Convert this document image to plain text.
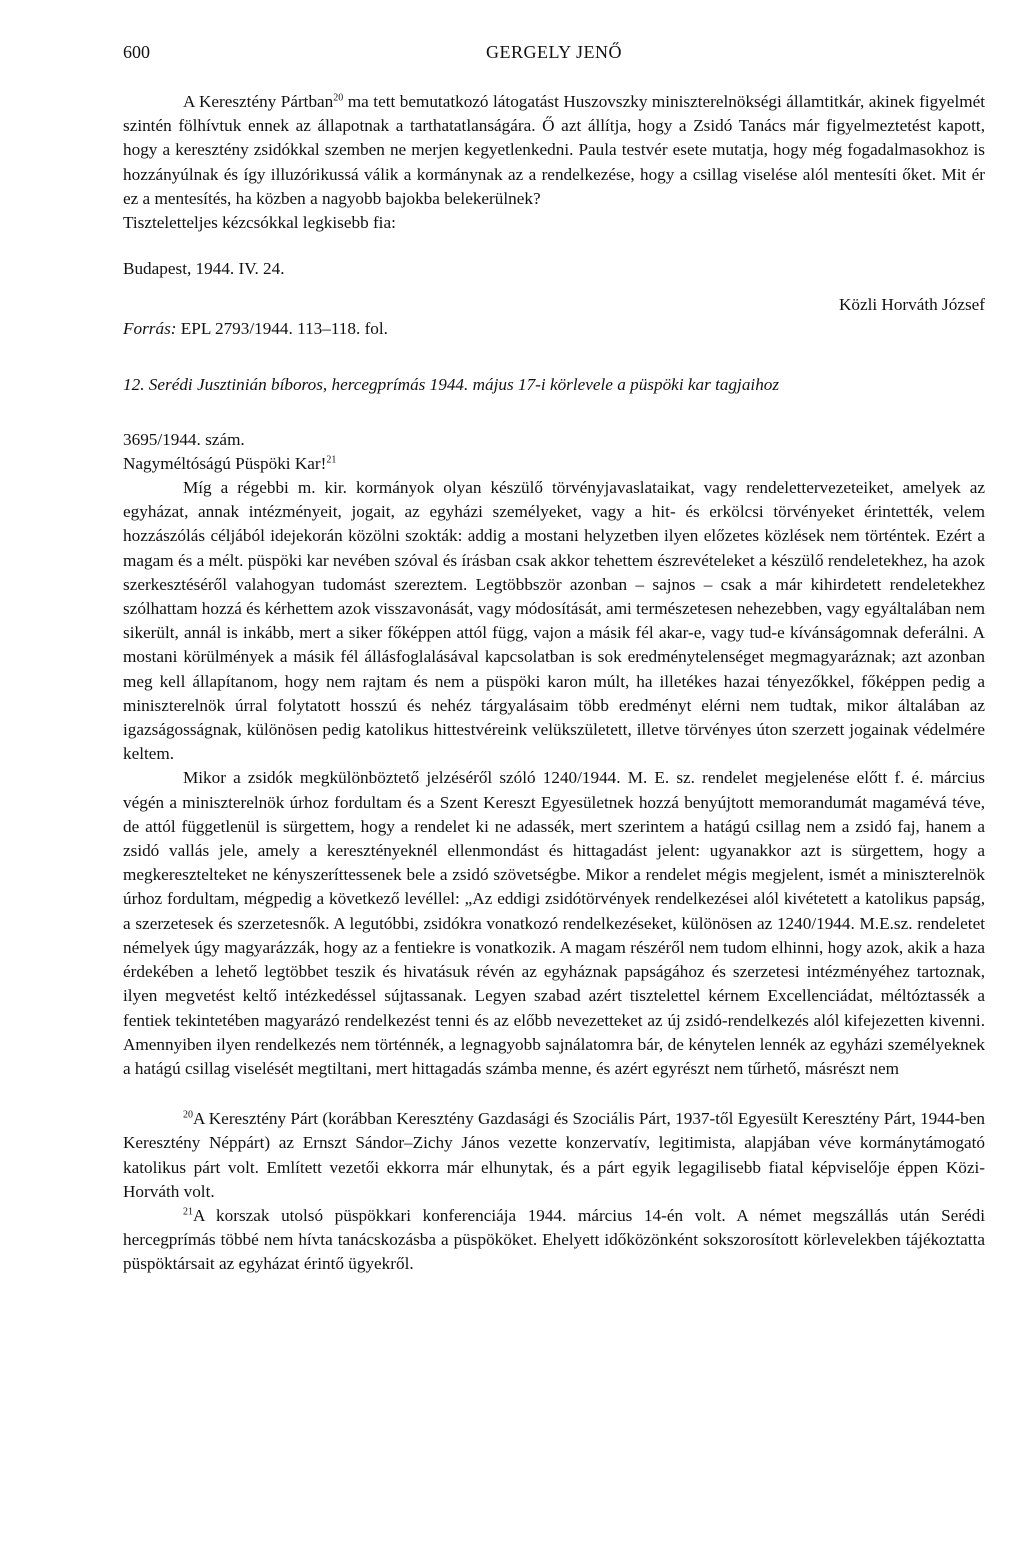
600	GERGELY JENŐ

A Keresztény Pártban$^{20}$ ma tett bemutatkozó látogatást Huszovszky miniszterelnökségi államtitkár, akinek figyelmét szintén fölhívtuk ennek az állapotnak a tarthatatlanságára. Ő azt állítja, hogy a Zsidó Tanács már figyelmeztetést kapott, hogy a keresztény zsidókkal szemben ne merjen kegyetlenkedni. Paula testvér esete mutatja, hogy még fogadalmasokhoz is hozzányúlnak és így illuzórikussá válik a kormánynak az a rendelkezése, hogy a csillag viselése alól mentesíti őket. Mit ér ez a mentesítés, ha közben a nagyobb bajokba belekerülnek?

Tiszteletteljes kézcsókkal legkisebb fia:

Budapest, 1944. IV. 24.

Közli Horváth József
Forrás: EPL 2793/1944. 113–118. fol.

12. Serédi Jusztinián bíboros, hercegprímás 1944. május 17-i körlevele a püspöki kar tagjaihoz

3695/1944. szám.

Nagyméltóságú Püspöki Kar!$^{21}$

Míg a régebbi m. kir. kormányok olyan készülő törvényjavaslataikat, vagy rendelettervezeteiket, amelyek az egyházat, annak intézményeit, jogait, az egyházi személyeket, vagy a hit- és erkölcsi törvényeket érintették, velem hozzászólás céljából idejekorán közölni szokták: addig a mostani helyzetben ilyen előzetes közlések nem történtek. Ezért a magam és a mélt. püspöki kar nevében szóval és írásban csak akkor tehettem észrevételeket a készülő rendeletekhez, ha azok szerkesztéséről valahogyan tudomást szereztem. Legtöbbször azonban – sajnos – csak a már kihirdetett rendeletekhez szólhattam hozzá és kérhettem azok visszavonását, vagy módosítását, ami természetesen nehezebben, vagy egyáltalában nem sikerült, annál is inkább, mert a siker főképpen attól függ, vajon a másik fél akar-e, vagy tud-e kívánságomnak deferálni. A mostani körülmények a másik fél állásfoglalásával kapcsolatban is sok eredménytelenséget megmagyaráznak; azt azonban meg kell állapítanom, hogy nem rajtam és nem a püspöki karon múlt, ha illetékes hazai tényezőkkel, főképpen pedig a miniszterelnök úrral folytatott hosszú és nehéz tárgyalásaim több eredményt elérni nem tudtak, mikor általában az igazságosságnak, különösen pedig katolikus hittestvéreink velükszületett, illetve törvényes úton szerzett jogainak védelmére keltem.

Mikor a zsidók megkülönböztető jelzéséről szóló 1240/1944. M. E. sz. rendelet megjelenése előtt f. é. március végén a miniszterelnök úrhoz fordultam és a Szent Kereszt Egyesületnek hozzá benyújtott memorandumát magamévá téve, de attól függetlenül is sürgettem, hogy a rendelet ki ne adassék, mert szerintem a hatágú csillag nem a zsidó faj, hanem a zsidó vallás jele, amely a keresztényeknél ellenmondást és hittagadást jelent: ugyanakkor azt is sürgettem, hogy a megkeresztelteket ne kényszeríttessenek bele a zsidó szövetségbe. Mikor a rendelet mégis megjelent, ismét a miniszterelnök úrhoz fordultam, mégpedig a következő levéllel: „Az eddigi zsidótörvények rendelkezései alól kivétetett a katolikus papság, a szerzetesek és szerzetesnők. A legutóbbi, zsidókra vonatkozó rendelkezéseket, különösen az 1240/1944. M.E.sz. rendeletet némelyek úgy magyarázzák, hogy az a fentiekre is vonatkozik. A magam részéről nem tudom elhinni, hogy azok, akik a haza érdekében a lehető legtöbbet teszik és hivatásuk révén az egyháznak papságához és szerzetesi intézményéhez tartoznak, ilyen megvetést keltő intézkedéssel sújtassanak. Legyen szabad azért tisztelettel kérnem Excellenciádat, méltóztassék a fentiek tekintetében magyarázó rendelkezést tenni és az előbb nevezetteket az új zsidó-rendelkezés alól kifejezetten kivenni. Amennyiben ilyen rendelkezés nem történnék, a legnagyobb sajnálatomra bár, de kénytelen lennék az egyházi személyeknek a hatágú csillag viselését megtiltani, mert hittagadás számba menne, és azért egyrészt nem tűrhető, másrészt nem

$^{20}$A Keresztény Párt (korábban Keresztény Gazdasági és Szociális Párt, 1937-től Egyesült Keresztény Párt, 1944-ben Keresztény Néppárt) az Ernszt Sándor–Zichy János vezette konzervatív, legitimista, alapjában véve kormánytámogató katolikus párt volt. Említett vezetői ekkorra már elhunytak, és a párt egyik legagilisebb fiatal képviselője éppen Közi-Horváth volt.

$^{21}$A korszak utolsó püspökkari konferenciája 1944. március 14-én volt. A német megszállás után Serédi hercegprímás többé nem hívta tanácskozásba a püspököket. Ehelyett időközönként sokszorosított körlevelekben tájékoztatta püspöktársait az egyházat érintő ügyekről.
